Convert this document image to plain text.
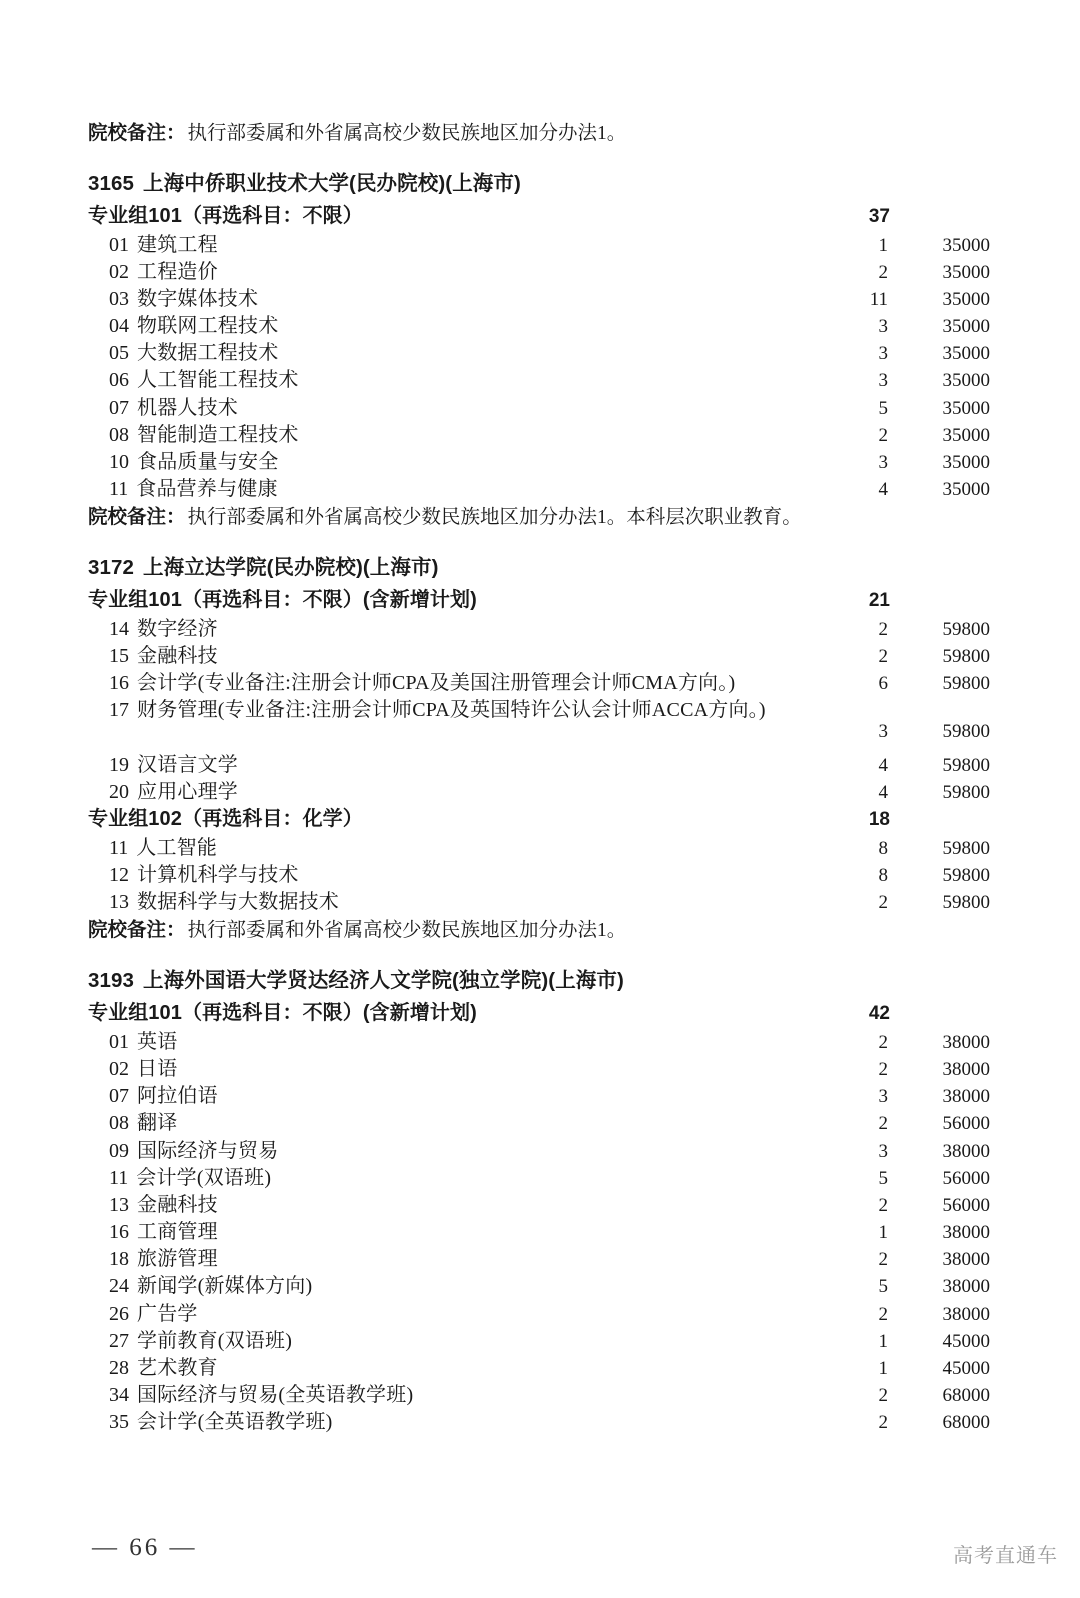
院校备注： 执行部委属和外省属高校少数民族地区加分办法1。
3165 上海中侨职业技术大学(民办院校)(上海市)
专业组101（再选科目：不限）	37
01 建筑工程	1	35000
02 工程造价	2	35000
03 数字媒体技术	11	35000
04 物联网工程技术	3	35000
05 大数据工程技术	3	35000
06 人工智能工程技术	3	35000
07 机器人技术	5	35000
08 智能制造工程技术	2	35000
10 食品质量与安全	3	35000
11 食品营养与健康	4	35000
院校备注： 执行部委属和外省属高校少数民族地区加分办法1。本科层次职业教育。
3172 上海立达学院(民办院校)(上海市)
专业组101（再选科目：不限）(含新增计划)	21
14 数字经济	2	59800
15 金融科技	2	59800
16 会计学(专业备注:注册会计师CPA及美国注册管理会计师CMA方向。)	6	59800
17 财务管理(专业备注:注册会计师CPA及英国特许公认会计师ACCA方向。)
3	59800
19 汉语言文学	4	59800
20 应用心理学	4	59800
专业组102（再选科目：化学）	18
11 人工智能	8	59800
12 计算机科学与技术	8	59800
13 数据科学与大数据技术	2	59800
院校备注： 执行部委属和外省属高校少数民族地区加分办法1。
3193 上海外国语大学贤达经济人文学院(独立学院)(上海市)
专业组101（再选科目：不限）(含新增计划)	42
01 英语	2	38000
02 日语	2	38000
07 阿拉伯语	3	38000
08 翻译	2	56000
09 国际经济与贸易	3	38000
11 会计学(双语班)	5	56000
13 金融科技	2	56000
16 工商管理	1	38000
18 旅游管理	2	38000
24 新闻学(新媒体方向)	5	38000
26 广告学	2	38000
27 学前教育(双语班)	1	45000
28 艺术教育	1	45000
34 国际经济与贸易(全英语教学班)	2	68000
35 会计学(全英语教学班)	2	68000
— 66 —	高考直通车
